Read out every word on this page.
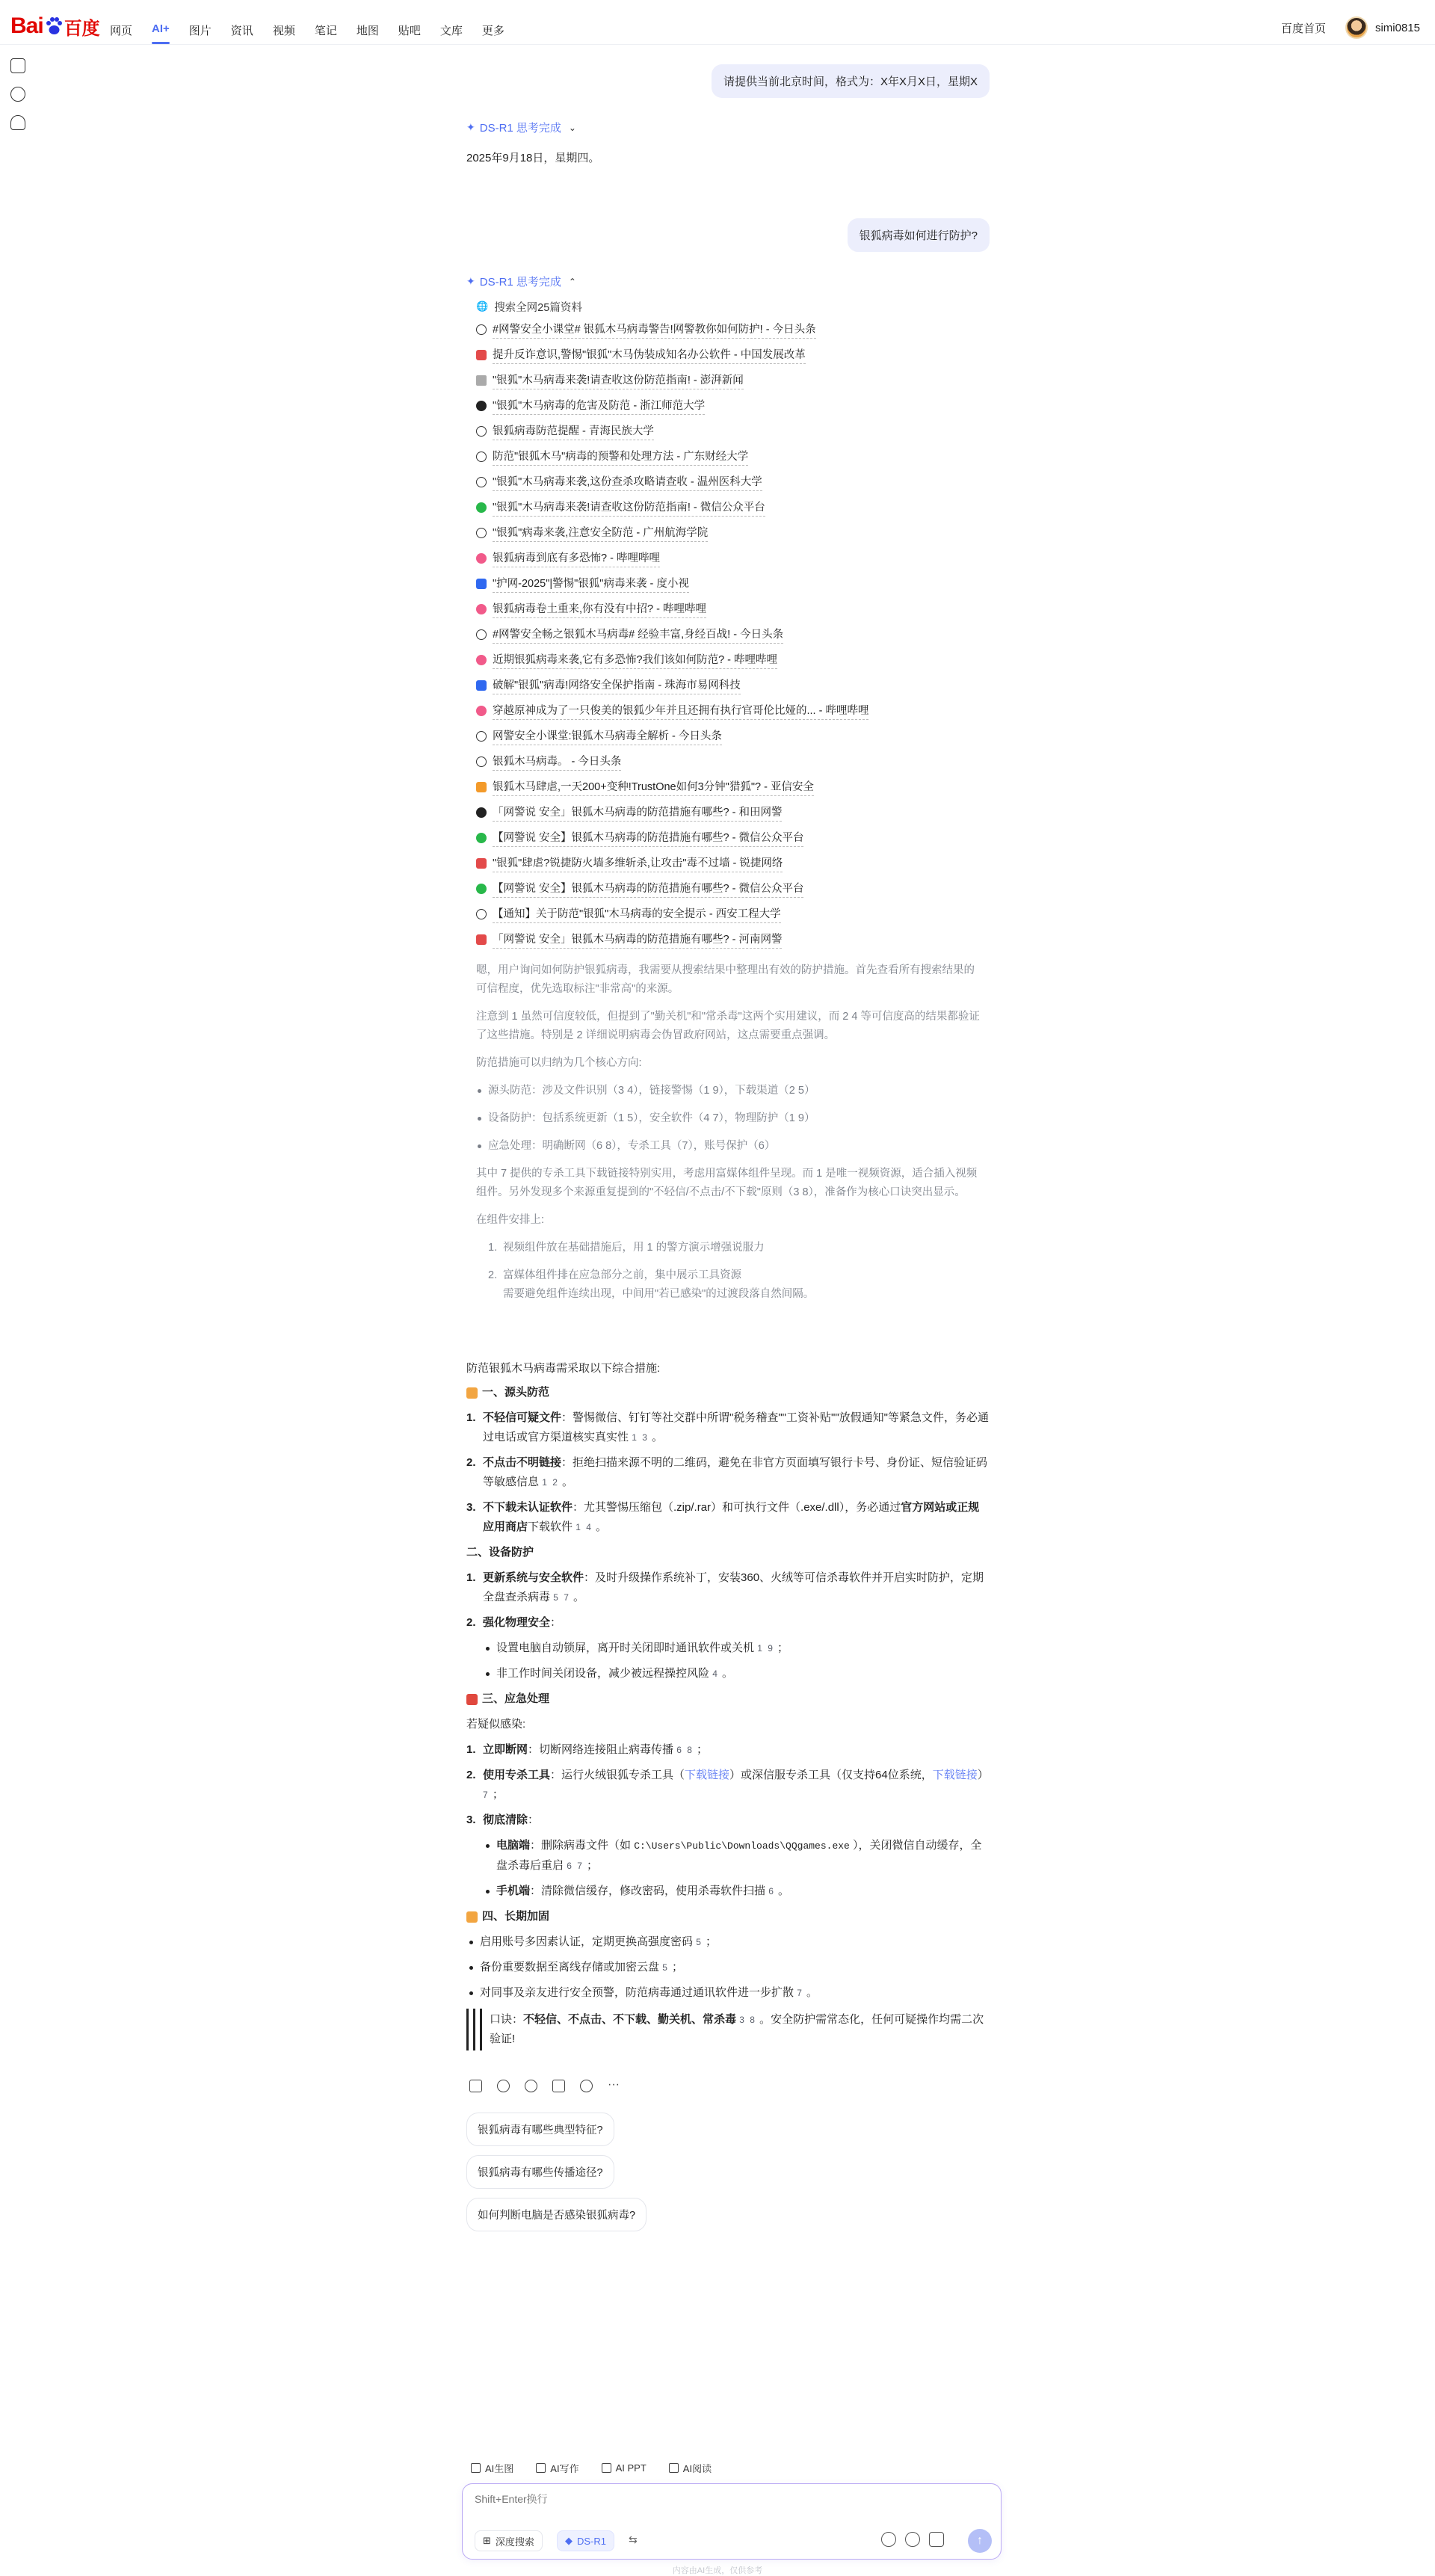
Bai 百度 网页 AI+ 图片 资讯 视频 笔记 地图 贴吧 文库 更多	百度首页	simi0815
请提供当前北京时间，格式为：X年X月X日，星期X
✦ DS-R1 思考完成 ⌄
2025年9月18日，星期四。
银狐病毒如何进行防护?
✦ DS-R1 思考完成 ⌃
🌐 搜索全网25篇资料
#网警安全小课堂# 银狐木马病毒警告!网警教你如何防护! - 今日头条
提升反诈意识,警惕"银狐"木马伪装成知名办公软件 - 中国发展改革
"银狐"木马病毒来袭!请查收这份防范指南! - 澎湃新闻
"银狐"木马病毒的危害及防范 - 浙江师范大学
银狐病毒防范提醒 - 青海民族大学
防范"银狐木马"病毒的预警和处理方法 - 广东财经大学
"银狐"木马病毒来袭,这份查杀攻略请查收 - 温州医科大学
"银狐"木马病毒来袭!请查收这份防范指南! - 微信公众平台
"银狐"病毒来袭,注意安全防范 - 广州航海学院
银狐病毒到底有多恐怖? - 哔哩哔哩
"护网-2025"|警惕"银狐"病毒来袭 - 度小视
银狐病毒卷土重来,你有没有中招? - 哔哩哔哩
#网警安全畅之银狐木马病毒# 经验丰富,身经百战! - 今日头条
近期银狐病毒来袭,它有多恐怖?我们该如何防范? - 哔哩哔哩
破解"银狐"病毒!网络安全保护指南 - 珠海市易网科技
穿越原神成为了一只俊美的银狐少年并且还拥有执行官哥伦比娅的... - 哔哩哔哩
网警安全小课堂:银狐木马病毒全解析 - 今日头条
银狐木马病毒。 - 今日头条
银狐木马肆虐,一天200+变种!TrustOne如何3分钟"猎狐"? - 亚信安全
「网警说 安全」银狐木马病毒的防范措施有哪些? - 和田网警
【网警说 安全】银狐木马病毒的防范措施有哪些? - 微信公众平台
"银狐"肆虐?锐捷防火墙多维斩杀,让攻击"毒不过墙 - 锐捷网络
【网警说 安全】银狐木马病毒的防范措施有哪些? - 微信公众平台
【通知】关于防范"银狐"木马病毒的安全提示 - 西安工程大学
「网警说 安全」银狐木马病毒的防范措施有哪些? - 河南网警

嗯，用户询问如何防护银狐病毒，我需要从搜索结果中整理出有效的防护措施。首先查看所有搜索结果的可信程度，优先选取标注"非常高"的来源。

注意到 1 虽然可信度较低，但提到了"勤关机"和"常杀毒"这两个实用建议，而 2 4 等可信度高的结果都验证了这些措施。特别是 2 详细说明病毒会伪冒政府网站，这点需要重点强调。

防范措施可以归纳为几个核心方向:

源头防范：涉及文件识别（3 4），链接警惕（1 9），下载渠道（2 5）
设备防护：包括系统更新（1 5），安全软件（4 7），物理防护（1 9）
应急处理：明确断网（6 8），专杀工具（7），账号保护（6）

其中 7 提供的专杀工具下载链接特别实用，考虑用富媒体组件呈现。而 1 是唯一视频资源，适合插入视频组件。另外发现多个来源重复提到的"不轻信/不点击/不下载"原则（3 8），准备作为核心口诀突出显示。

在组件安排上:

1. 视频组件放在基础措施后，用 1 的警方演示增强说服力
2. 富媒体组件排在应急部分之前，集中展示工具资源
需要避免组件连续出现，中间用"若已感染"的过渡段落自然间隔。
防范银狐木马病毒需采取以下综合措施:
一、源头防范
1. 不轻信可疑文件：警惕微信、钉钉等社交群中所谓"税务稽查""工资补贴""放假通知"等紧急文件，务必通过电话或官方渠道核实真实性 1 3 。
2. 不点击不明链接：拒绝扫描来源不明的二维码，避免在非官方页面填写银行卡号、身份证、短信验证码等敏感信息 1 2 。
3. 不下载未认证软件：尤其警惕压缩包（.zip/.rar）和可执行文件（.exe/.dll），务必通过官方网站或正规应用商店下载软件 1 4 。
二、设备防护
1. 更新系统与安全软件：及时升级操作系统补丁，安装360、火绒等可信杀毒软件并开启实时防护，定期全盘查杀病毒 5 7 。
2. 强化物理安全：
设置电脑自动锁屏，离开时关闭即时通讯软件或关机 1 9 ；
非工作时间关闭设备，减少被远程操控风险 4 。
三、应急处理
若疑似感染:
1. 立即断网：切断网络连接阻止病毒传播 6 8 ；
2. 使用专杀工具：运行火绒银狐专杀工具（下载链接）或深信服专杀工具（仅支持64位系统，下载链接） 7 ；
3. 彻底清除：
电脑端：删除病毒文件（如 C:\Users\Public\Downloads\QQgames.exe ），关闭微信自动缓存，全盘杀毒后重启 6 7 ；
手机端：清除微信缓存，修改密码，使用杀毒软件扫描 6 。
四、长期加固
启用账号多因素认证，定期更换高强度密码 5 ；
备份重要数据至离线存储或加密云盘 5 ；
对同事及亲友进行安全预警，防范病毒通过通讯软件进一步扩散 7 。
口诀：不轻信、不点击、不下载、勤关机、常杀毒 3 8 。安全防护需常态化，任何可疑操作均需二次验证!
···
银狐病毒有哪些典型特征?
银狐病毒有哪些传播途径?
如何判断电脑是否感染银狐病毒?
AI生图	AI写作	AI PPT	AI阅读
Shift+Enter换行
⊞ 深度搜索	◆ DS-R1 ⇆	↑
内容由AI生成，仅供参考
